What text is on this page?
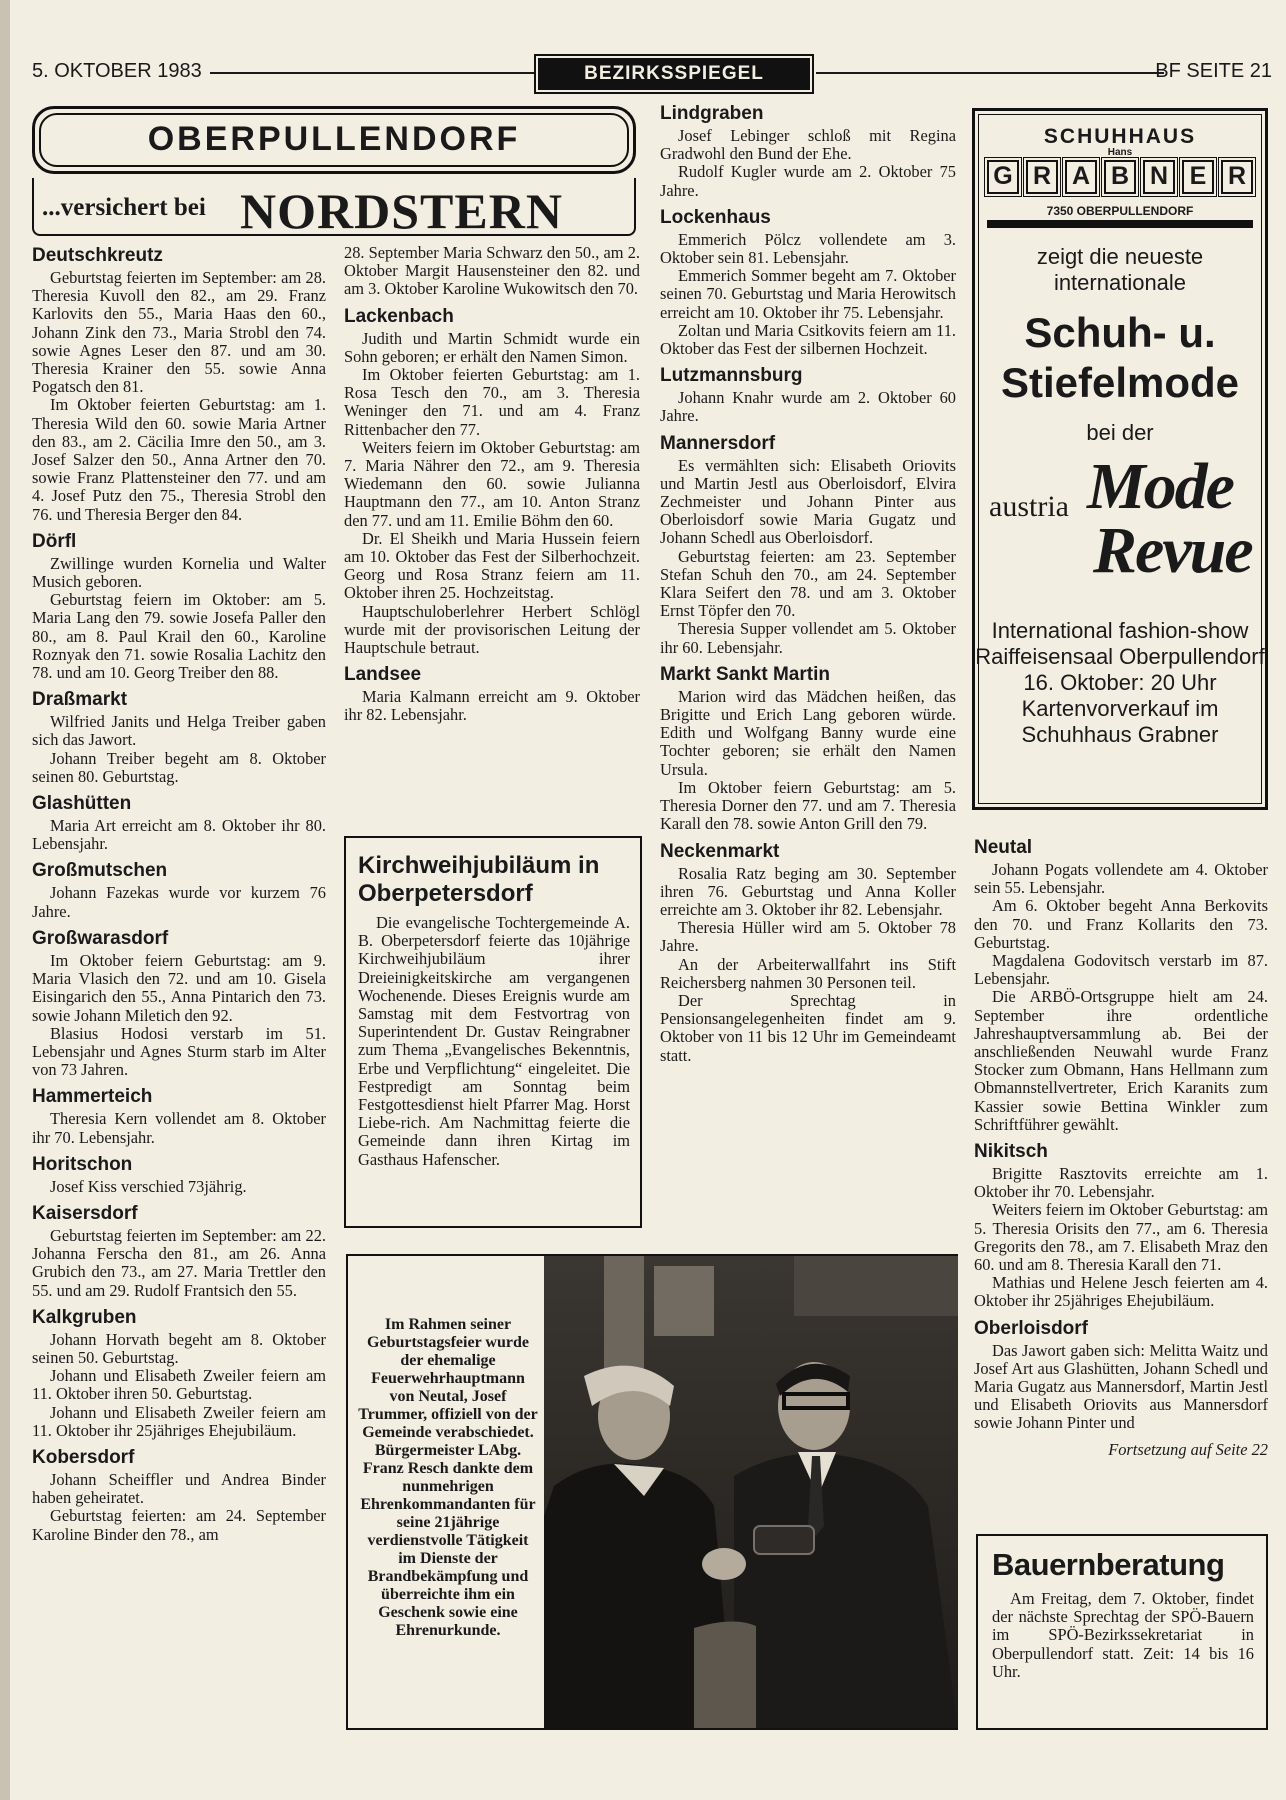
5. OKTOBER 1983	BEZIRKSSPIEGEL	BF SEITE 21
OBERPULLENDORF
...versichert bei NORDSTERN
Deutschkreutz

Geburtstag feierten im September: am 28. Theresia Kuvoll den 82., am 29. Franz Karlovits den 55., Maria Haas den 60., Johann Zink den 73., Maria Strobl den 74. sowie Agnes Leser den 87. und am 30. Theresia Krainer den 55. sowie Anna Pogatsch den 81.

Im Oktober feierten Geburtstag: am 1. Theresia Wild den 60. sowie Maria Artner den 83., am 2. Cäcilia Imre den 50., am 3. Josef Salzer den 50., Anna Artner den 70. sowie Franz Plattensteiner den 77. und am 4. Josef Putz den 75., Theresia Strobl den 76. und Theresia Berger den 84.

Dörfl

Zwillinge wurden Kornelia und Walter Musich geboren.

Geburtstag feiern im Oktober: am 5. Maria Lang den 79. sowie Josefa Paller den 80., am 8. Paul Krail den 60., Karoline Roznyak den 71. sowie Rosalia Lachitz den 78. und am 10. Georg Treiber den 88.

Draßmarkt

Wilfried Janits und Helga Treiber gaben sich das Jawort.

Johann Treiber begeht am 8. Oktober seinen 80. Geburtstag.

Glashütten

Maria Art erreicht am 8. Oktober ihr 80. Lebensjahr.

Großmutschen

Johann Fazekas wurde vor kurzem 76 Jahre.

Großwarasdorf

Im Oktober feiern Geburtstag: am 9. Maria Vlasich den 72. und am 10. Gisela Eisingarich den 55., Anna Pintarich den 73. sowie Johann Miletich den 92.

Blasius Hodosi verstarb im 51. Lebensjahr und Agnes Sturm starb im Alter von 73 Jahren.

Hammerteich

Theresia Kern vollendet am 8. Oktober ihr 70. Lebensjahr.

Horitschon

Josef Kiss verschied 73jährig.

Kaisersdorf

Geburtstag feierten im September: am 22. Johanna Ferscha den 81., am 26. Anna Grubich den 73., am 27. Maria Trettler den 55. und am 29. Rudolf Frantsich den 55.

Kalkgruben

Johann Horvath begeht am 8. Oktober seinen 50. Geburtstag.

Johann und Elisabeth Zweiler feiern am 11. Oktober ihren 50. Geburtstag.

Johann und Elisabeth Zweiler feiern am 11. Oktober ihr 25jähriges Ehejubiläum.

Kobersdorf

Johann Scheiffler und Andrea Binder haben geheiratet.

Geburtstag feierten: am 24. September Karoline Binder den 78., am

28. September Maria Schwarz den 50., am 2. Oktober Margit Hausensteiner den 82. und am 3. Oktober Karoline Wukowitsch den 70.

Lackenbach

Judith und Martin Schmidt wurde ein Sohn geboren; er erhält den Namen Simon.

Im Oktober feierten Geburtstag: am 1. Rosa Tesch den 70., am 3. Theresia Weninger den 71. und am 4. Franz Rittenbacher den 77.

Weiters feiern im Oktober Geburtstag: am 7. Maria Nährer den 72., am 9. Theresia Wiedemann den 60. sowie Julianna Hauptmann den 77., am 10. Anton Stranz den 77. und am 11. Emilie Böhm den 60.

Dr. El Sheikh und Maria Hussein feiern am 10. Oktober das Fest der Silberhochzeit. Georg und Rosa Stranz feiern am 11. Oktober ihren 25. Hochzeitstag.

Hauptschuloberlehrer Herbert Schlögl wurde mit der provisorischen Leitung der Hauptschule betraut.

Landsee

Maria Kalmann erreicht am 9. Oktober ihr 82. Lebensjahr.

Kirchweihjubiläum in Oberpetersdorf

Die evangelische Tochtergemeinde A. B. Oberpetersdorf feierte das 10jährige Kirchweihjubiläum ihrer Dreieinigkeitskirche am vergangenen Wochenende. Dieses Ereignis wurde am Samstag mit dem Festvortrag von Superintendent Dr. Gustav Reingrabner zum Thema „Evangelisches Bekenntnis, Erbe und Verpflichtung“ eingeleitet. Die Festpredigt am Sonntag beim Festgottesdienst hielt Pfarrer Mag. Horst Liebe-rich. Am Nachmittag feierte die Gemeinde dann ihren Kirtag im Gasthaus Hafenscher.

Lindgraben

Josef Lebinger schloß mit Regina Gradwohl den Bund der Ehe.

Rudolf Kugler wurde am 2. Oktober 75 Jahre.

Lockenhaus

Emmerich Pölcz vollendete am 3. Oktober sein 81. Lebensjahr.

Emmerich Sommer begeht am 7. Oktober seinen 70. Geburtstag und Maria Herowitsch erreicht am 10. Oktober ihr 75. Lebensjahr.

Zoltan und Maria Csitkovits feiern am 11. Oktober das Fest der silbernen Hochzeit.

Lutzmannsburg

Johann Knahr wurde am 2. Oktober 60 Jahre.

Mannersdorf

Es vermählten sich: Elisabeth Oriovits und Martin Jestl aus Oberloisdorf, Elvira Zechmeister und Johann Pinter aus Oberloisdorf sowie Maria Gugatz und Johann Schedl aus Oberloisdorf.

Geburtstag feierten: am 23. September Stefan Schuh den 70., am 24. September Klara Seifert den 78. und am 3. Oktober Ernst Töpfer den 70.

Theresia Supper vollendet am 5. Oktober ihr 60. Lebensjahr.

Markt Sankt Martin

Marion wird das Mädchen heißen, das Brigitte und Erich Lang geboren würde. Edith und Wolfgang Banny wurde eine Tochter geboren; sie erhält den Namen Ursula.

Im Oktober feiern Geburtstag: am 5. Theresia Dorner den 77. und am 7. Theresia Karall den 78. sowie Anton Grill den 79.

Neckenmarkt

Rosalia Ratz beging am 30. September ihren 76. Geburtstag und Anna Koller erreichte am 3. Oktober ihr 82. Lebensjahr.

Theresia Hüller wird am 5. Oktober 78 Jahre.

An der Arbeiterwallfahrt ins Stift Reichersberg nahmen 30 Personen teil.

Der Sprechtag in Pensionsangelegenheiten findet am 9. Oktober von 11 bis 12 Uhr im Gemeindeamt statt.

Im Rahmen seiner Geburtstagsfeier wurde der ehemalige Feuerwehrhauptmann von Neutal, Josef Trummer, offiziell von der Gemeinde verabschiedet. Bürgermeister LAbg. Franz Resch dankte dem nunmehrigen Ehrenkommandanten für seine 21jährige verdienstvolle Tätigkeit im Dienste der Brandbekämpfung und überreichte ihm ein Geschenk sowie eine Ehrenurkunde.
SCHUHHAUS
Hans
G R A B N E R
7350 OBERPULLENDORF
zeigt die neueste internationale
Schuh- u. Stiefelmode
bei der
austria Mode
Revue
International fashion-show Raiffeisensaal Oberpullendorf 16. Oktober: 20 Uhr Kartenvorverkauf im Schuhhaus Grabner
Neutal

Johann Pogats vollendete am 4. Oktober sein 55. Lebensjahr.

Am 6. Oktober begeht Anna Berkovits den 70. und Franz Kollarits den 73. Geburtstag.

Magdalena Godovitsch verstarb im 87. Lebensjahr.

Die ARBÖ-Ortsgruppe hielt am 24. September ihre ordentliche Jahreshauptversammlung ab. Bei der anschließenden Neuwahl wurde Franz Stocker zum Obmann, Hans Hellmann zum Obmannstellvertreter, Erich Karanits zum Kassier sowie Bettina Winkler zum Schriftführer gewählt.

Nikitsch

Brigitte Rasztovits erreichte am 1. Oktober ihr 70. Lebensjahr.

Weiters feiern im Oktober Geburtstag: am 5. Theresia Orisits den 77., am 6. Theresia Gregorits den 78., am 7. Elisabeth Mraz den 60. und am 8. Theresia Karall den 71.

Mathias und Helene Jesch feierten am 4. Oktober ihr 25jähriges Ehejubiläum.

Oberloisdorf

Das Jawort gaben sich: Melitta Waitz und Josef Art aus Glashütten, Johann Schedl und Maria Gugatz aus Mannersdorf, Martin Jestl und Elisabeth Oriovits aus Mannersdorf sowie Johann Pinter und

Fortsetzung auf Seite 22
Bauernberatung

Am Freitag, dem 7. Oktober, findet der nächste Sprechtag der SPÖ-Bauern im SPÖ-Bezirkssekretariat in Oberpullendorf statt. Zeit: 14 bis 16 Uhr.
